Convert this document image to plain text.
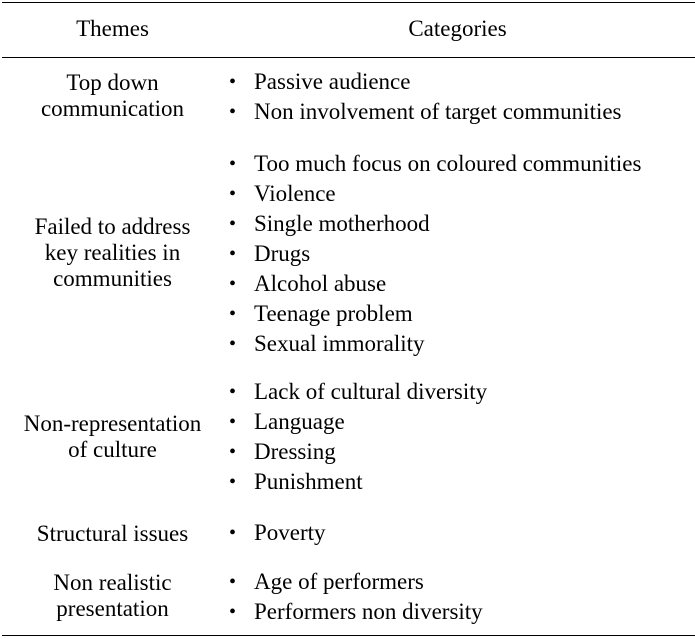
Themes	Categories
Top down
communication
• Passive audience
• Non involvement of target communities
Failed to address
key realities in
communities
• Too much focus on coloured communities
• Violence
• Single motherhood
• Drugs
• Alcohol abuse
• Teenage problem
• Sexual immorality
Non-representation
of culture
• Lack of cultural diversity
• Language
• Dressing
• Punishment
Structural issues	• Poverty
Non realistic
presentation
• Age of performers
• Performers non diversity
